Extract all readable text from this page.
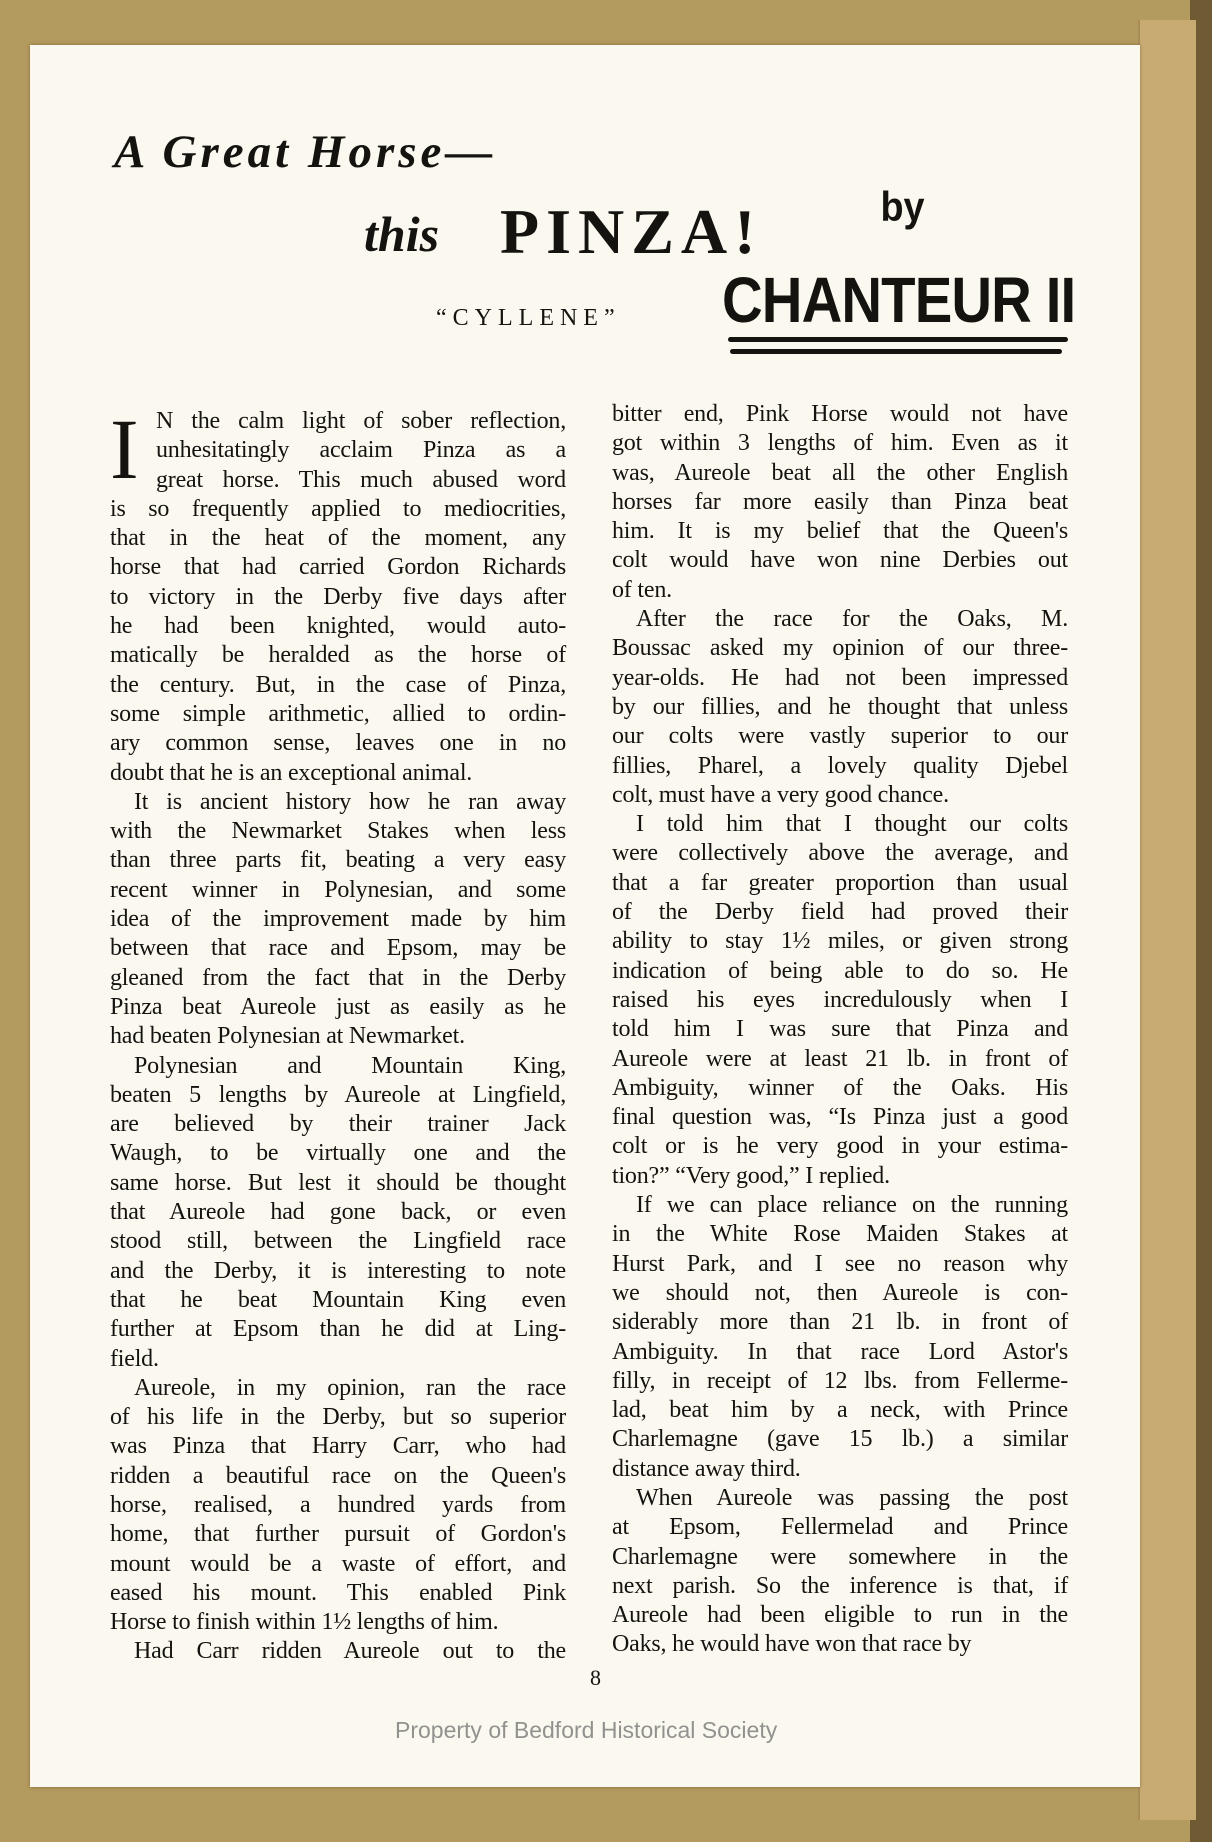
A Great Horse—
this PINZA!	by
CHANTEUR II
“CYLLENE”
I N the calm light of sober reflection,
unhesitatingly acclaim Pinza as a
great horse. This much abused word
is so frequently applied to mediocrities,
that in the heat of the moment, any
horse that had carried Gordon Richards
to victory in the Derby five days after
he had been knighted, would auto-
matically be heralded as the horse of
the century. But, in the case of Pinza,
some simple arithmetic, allied to ordin-
ary common sense, leaves one in no
doubt that he is an exceptional animal.
It is ancient history how he ran away
with the Newmarket Stakes when less
than three parts fit, beating a very easy
recent winner in Polynesian, and some
idea of the improvement made by him
between that race and Epsom, may be
gleaned from the fact that in the Derby
Pinza beat Aureole just as easily as he
had beaten Polynesian at Newmarket.
Polynesian and Mountain King,
beaten 5 lengths by Aureole at Lingfield,
are believed by their trainer Jack
Waugh, to be virtually one and the
same horse. But lest it should be thought
that Aureole had gone back, or even
stood still, between the Lingfield race
and the Derby, it is interesting to note
that he beat Mountain King even
further at Epsom than he did at Ling-
field.
Aureole, in my opinion, ran the race
of his life in the Derby, but so superior
was Pinza that Harry Carr, who had
ridden a beautiful race on the Queen's
horse, realised, a hundred yards from
home, that further pursuit of Gordon's
mount would be a waste of effort, and
eased his mount. This enabled Pink
Horse to finish within 1½ lengths of him.
Had Carr ridden Aureole out to the
bitter end, Pink Horse would not have
got within 3 lengths of him. Even as it
was, Aureole beat all the other English
horses far more easily than Pinza beat
him. It is my belief that the Queen's
colt would have won nine Derbies out
of ten.
After the race for the Oaks, M.
Boussac asked my opinion of our three-
year-olds. He had not been impressed
by our fillies, and he thought that unless
our colts were vastly superior to our
fillies, Pharel, a lovely quality Djebel
colt, must have a very good chance.
I told him that I thought our colts
were collectively above the average, and
that a far greater proportion than usual
of the Derby field had proved their
ability to stay 1½ miles, or given strong
indication of being able to do so. He
raised his eyes incredulously when I
told him I was sure that Pinza and
Aureole were at least 21 lb. in front of
Ambiguity, winner of the Oaks. His
final question was, “Is Pinza just a good
colt or is he very good in your estima-
tion?” “Very good,” I replied.
If we can place reliance on the running
in the White Rose Maiden Stakes at
Hurst Park, and I see no reason why
we should not, then Aureole is con-
siderably more than 21 lb. in front of
Ambiguity. In that race Lord Astor's
filly, in receipt of 12 lbs. from Fellerme-
lad, beat him by a neck, with Prince
Charlemagne (gave 15 lb.) a similar
distance away third.
When Aureole was passing the post
at Epsom, Fellermelad and Prince
Charlemagne were somewhere in the
next parish. So the inference is that, if
Aureole had been eligible to run in the
Oaks, he would have won that race by
8
Property of Bedford Historical Society
